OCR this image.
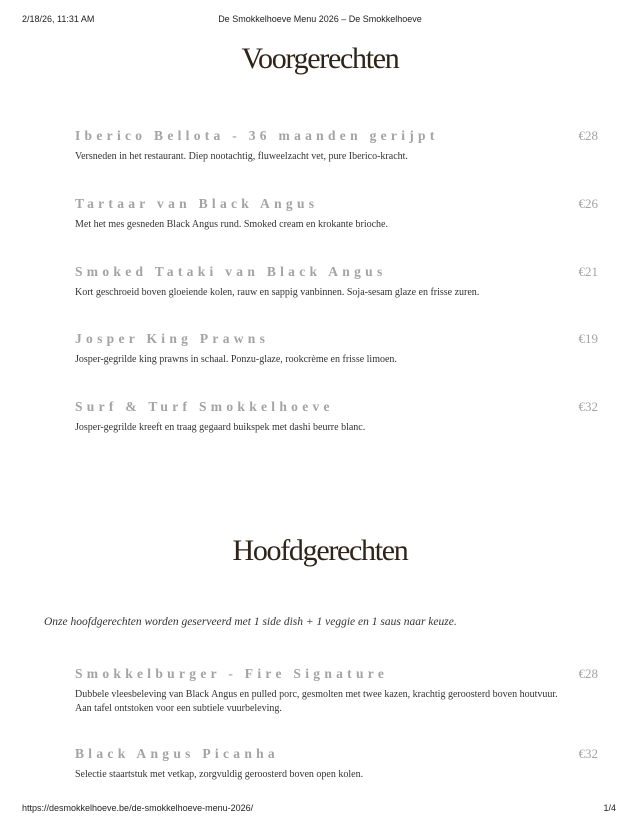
2/18/26, 11:31 AM	De Smokkelhoeve Menu 2026 – De Smokkelhoeve
Voorgerechten
Iberico Bellota - 36 maanden gerijpt	€28
Versneden in het restaurant. Diep nootachtig, fluweelzacht vet, pure Iberico-kracht.
Tartaar van Black Angus	€26
Met het mes gesneden Black Angus rund. Smoked cream en krokante brioche.
Smoked Tataki van Black Angus	€21
Kort geschroeid boven gloeiende kolen, rauw en sappig vanbinnen. Soja-sesam glaze en frisse zuren.
Josper King Prawns	€19
Josper-gegrilde king prawns in schaal. Ponzu-glaze, rookcrème en frisse limoen.
Surf & Turf Smokkelhoeve	€32
Josper-gegrilde kreeft en traag gegaard buikspek met dashi beurre blanc.
Hoofdgerechten
Onze hoofdgerechten worden geserveerd met 1 side dish + 1 veggie en 1 saus naar keuze.
Smokkelburger - Fire Signature	€28
Dubbele vleesbeleving van Black Angus en pulled porc, gesmolten met twee kazen, krachtig geroosterd boven houtvuur. Aan tafel ontstoken voor een subtiele vuurbeleving.
Black Angus Picanha	€32
Selectie staartstuk met vetkap, zorgvuldig geroosterd boven open kolen.
https://desmokkelhoeve.be/de-smokkelhoeve-menu-2026/	1/4
